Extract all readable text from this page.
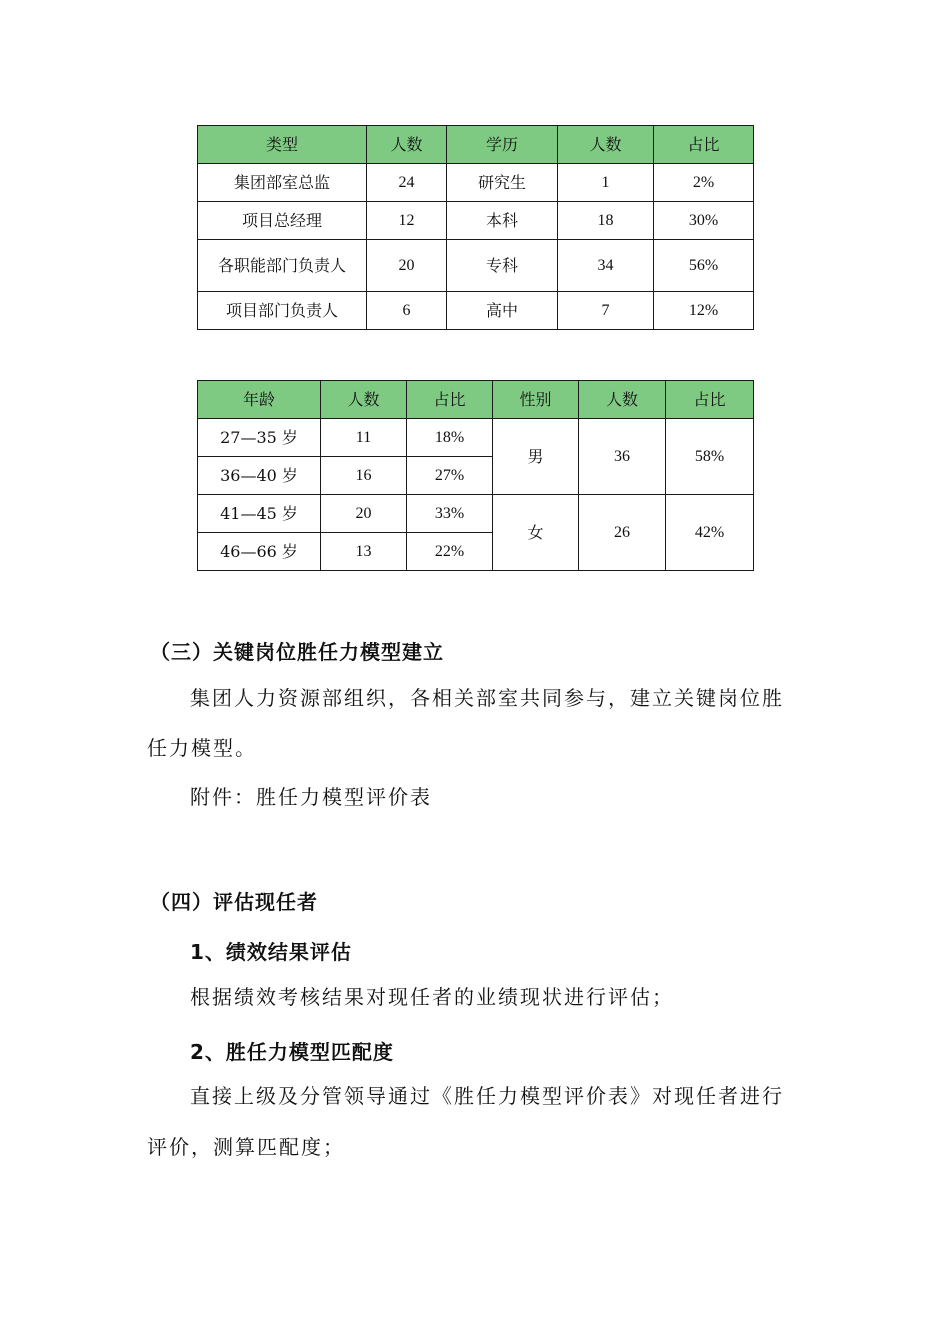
类型	人数	学历	人数	占比
集团部室总监	24	研究生	1	2%
项目总经理	12	本科	18	30%
各职能部门负责人	20	专科	34	56%
项目部门负责人	6	高中	7	12%
年龄	人数	占比	性别	人数	占比
27—35 岁	11	18%	男	36	58%
36—40 岁	16	27%			
41—45 岁	20	33%	女	26	42%
46—66 岁	13	22%			

（三）关键岗位胜任力模型建立

集团人力资源部组织，各相关部室共同参与，建立关键岗位胜

任力模型。

附件：胜任力模型评价表

（四）评估现任者

1、绩效结果评估

根据绩效考核结果对现任者的业绩现状进行评估；

2、胜任力模型匹配度

直接上级及分管领导通过《胜任力模型评价表》对现任者进行

评价，测算匹配度；
